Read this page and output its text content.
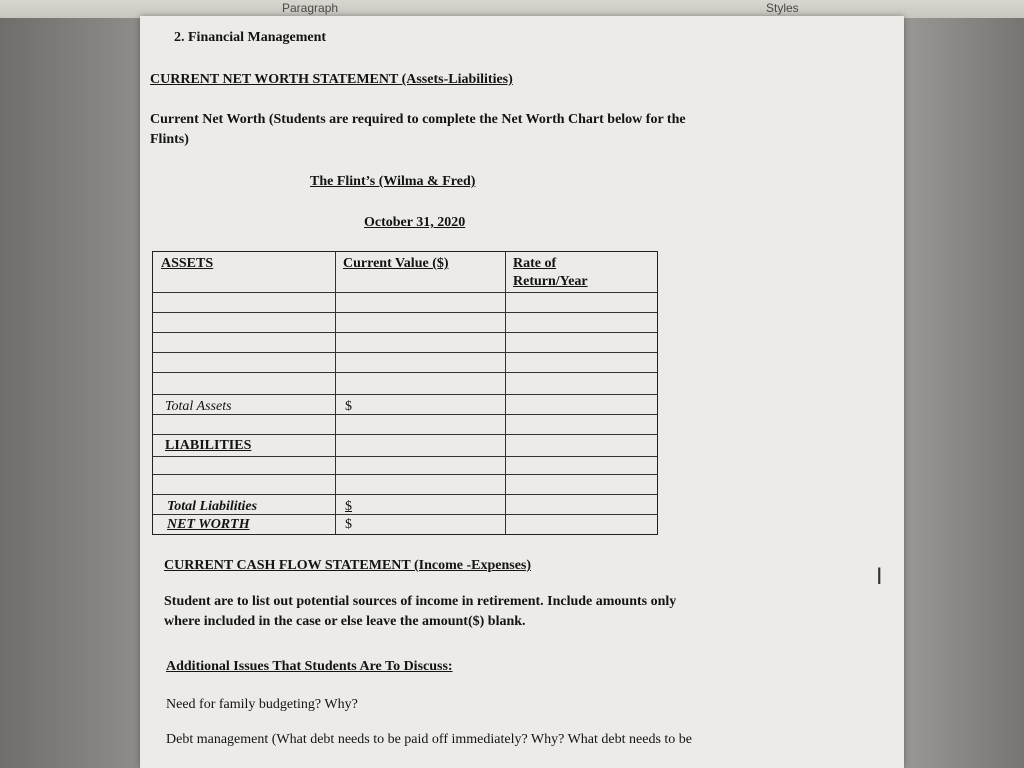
Paragraph	Styles
2. Financial Management
CURRENT NET WORTH STATEMENT (Assets-Liabilities)
Current Net Worth (Students are required to complete the Net Worth Chart below for the
Flints)
The Flint’s (Wilma & Fred)
October 31, 2020
ASSETS	Current Value ($)	Rate of
Return/Year
Total Assets	$
LIABILITIES
Total Liabilities	$
NET WORTH	$
CURRENT CASH FLOW STATEMENT (Income -Expenses)
Student are to list out potential sources of income in retirement. Include amounts only
where included in the case or else leave the amount($) blank.
Additional Issues That Students Are To Discuss:
Need for family budgeting? Why?
Debt management (What debt needs to be paid off immediately? Why? What debt needs to be
I
